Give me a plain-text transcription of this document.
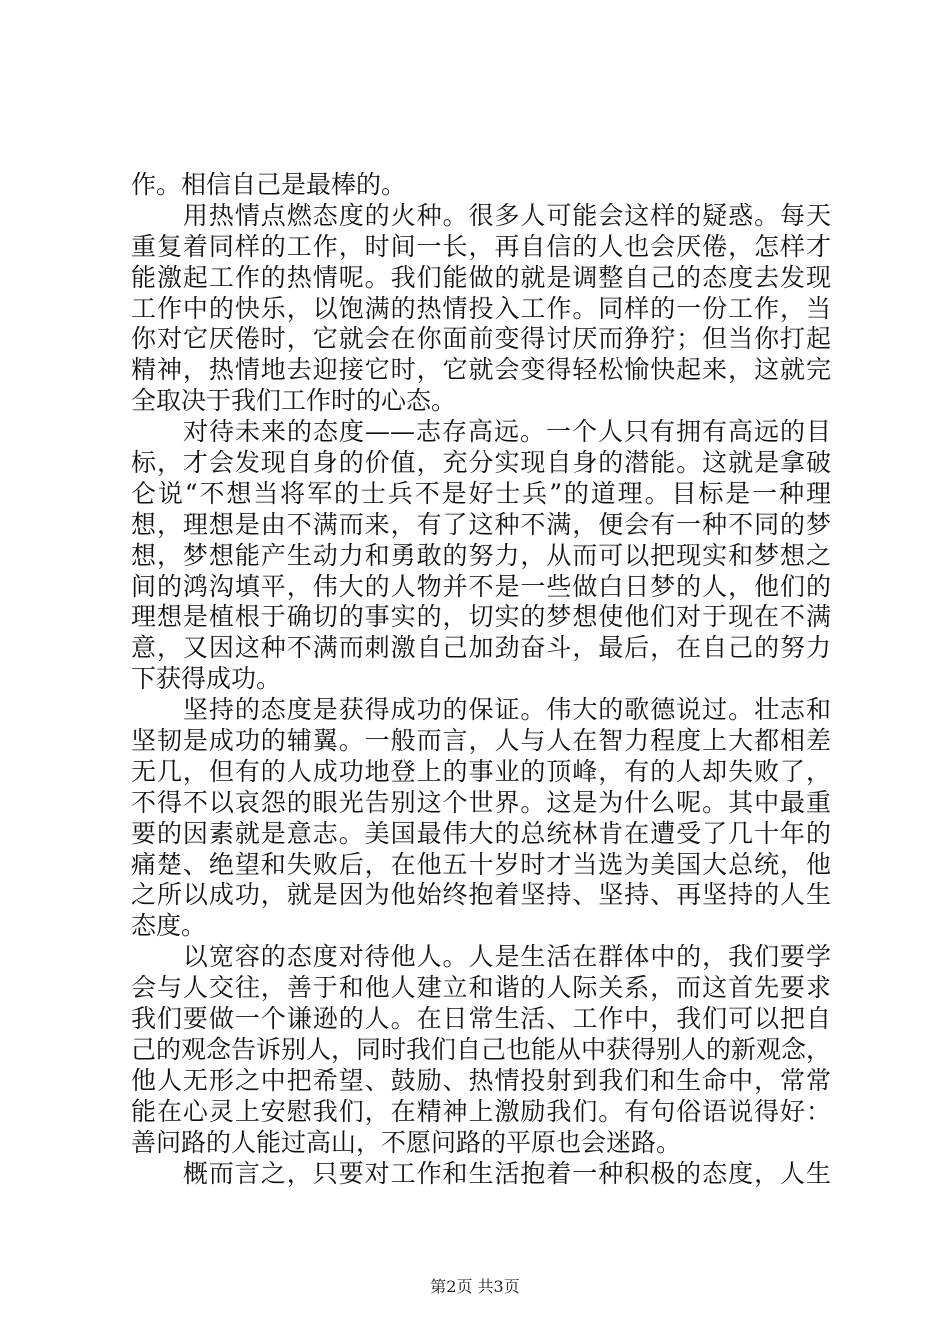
作。相信自己是最棒的。
　　用热情点燃态度的火种。很多人可能会这样的疑惑。每天
重复着同样的工作，时间一长，再自信的人也会厌倦，怎样才
能激起工作的热情呢。我们能做的就是调整自己的态度去发现
工作中的快乐，以饱满的热情投入工作。同样的一份工作，当
你对它厌倦时，它就会在你面前变得讨厌而狰狞；但当你打起
精神，热情地去迎接它时，它就会变得轻松愉快起来，这就完
全取决于我们工作时的心态。
　　对待未来的态度——志存高远。一个人只有拥有高远的目
标，才会发现自身的价值，充分实现自身的潜能。这就是拿破
仑说“不想当将军的士兵不是好士兵”的道理。目标是一种理
想，理想是由不满而来，有了这种不满，便会有一种不同的梦
想，梦想能产生动力和勇敢的努力，从而可以把现实和梦想之
间的鸿沟填平，伟大的人物并不是一些做白日梦的人，他们的
理想是植根于确切的事实的，切实的梦想使他们对于现在不满
意，又因这种不满而刺激自己加劲奋斗，最后，在自己的努力
下获得成功。
　　坚持的态度是获得成功的保证。伟大的歌德说过。壮志和
坚韧是成功的辅翼。一般而言，人与人在智力程度上大都相差
无几，但有的人成功地登上的事业的顶峰，有的人却失败了，
不得不以哀怨的眼光告别这个世界。这是为什么呢。其中最重
要的因素就是意志。美国最伟大的总统林肯在遭受了几十年的
痛楚、绝望和失败后，在他五十岁时才当选为美国大总统，他
之所以成功，就是因为他始终抱着坚持、坚持、再坚持的人生
态度。
　　以宽容的态度对待他人。人是生活在群体中的，我们要学
会与人交往，善于和他人建立和谐的人际关系，而这首先要求
我们要做一个谦逊的人。在日常生活、工作中，我们可以把自
己的观念告诉别人，同时我们自己也能从中获得别人的新观念，
他人无形之中把希望、鼓励、热情投射到我们和生命中，常常
能在心灵上安慰我们，在精神上激励我们。有句俗语说得好：
善问路的人能过高山，不愿问路的平原也会迷路。
　　概而言之，只要对工作和生活抱着一种积极的态度，人生
第2页 共3页
